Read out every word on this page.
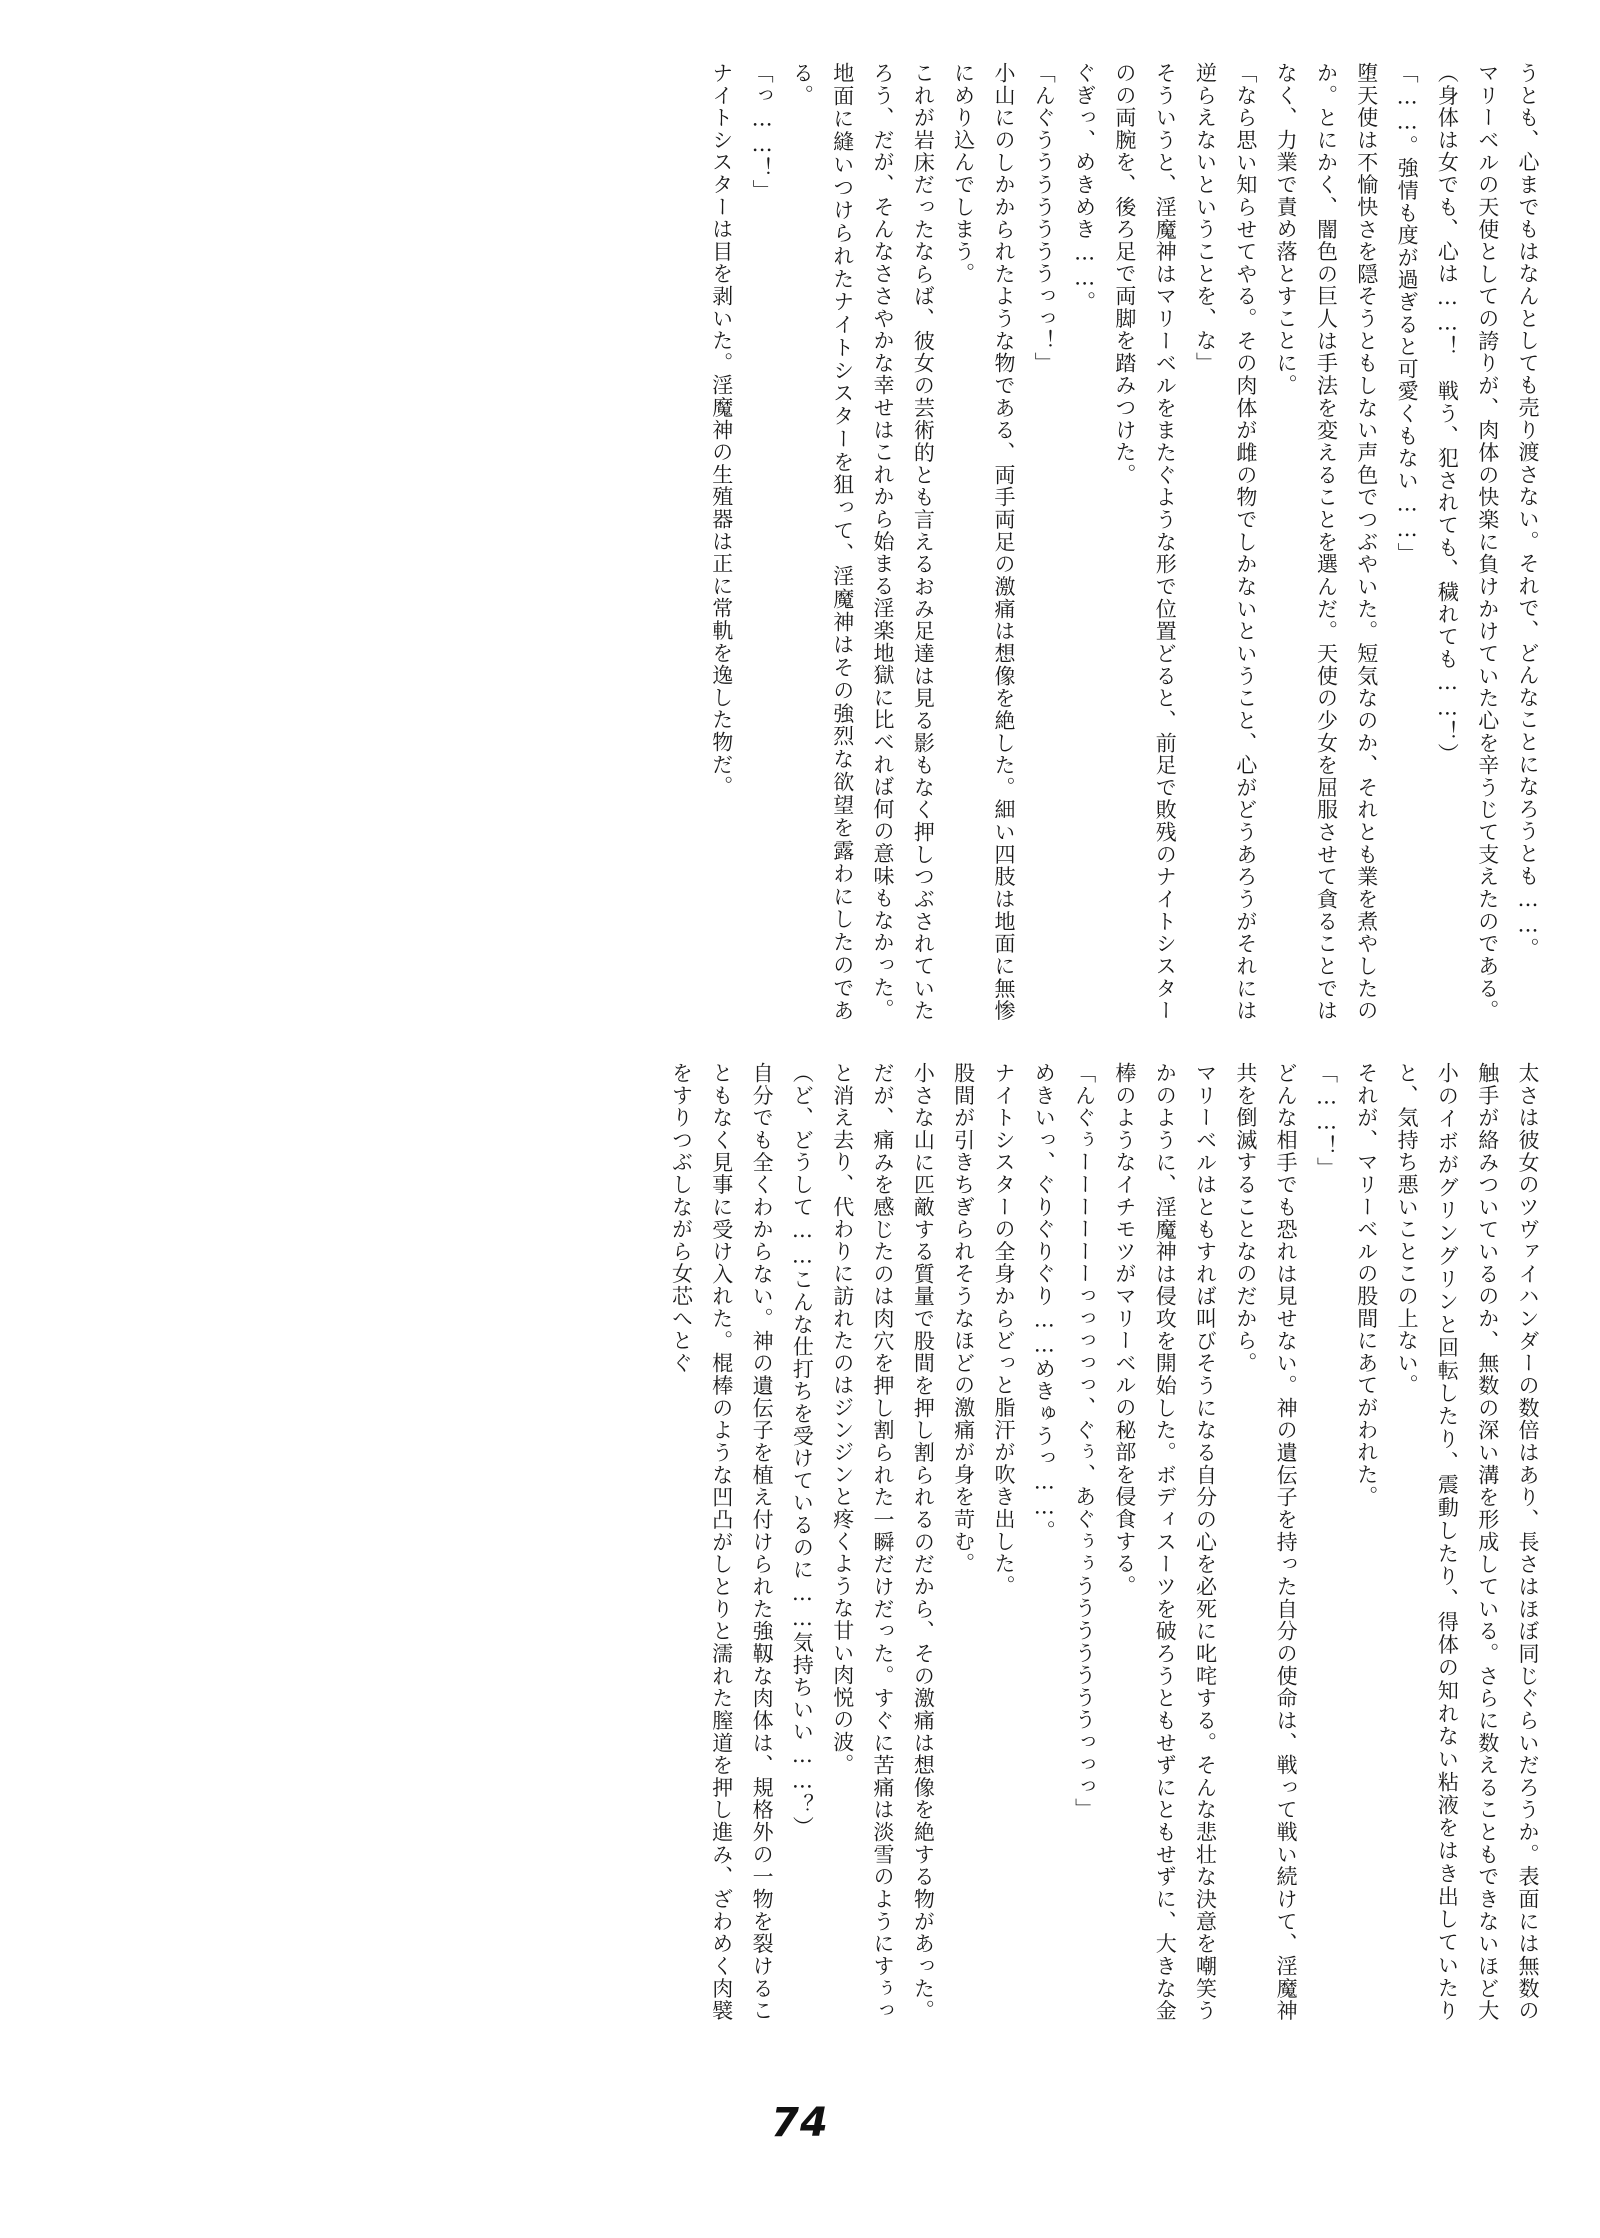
うとも、心までもはなんとしても売り渡さない。それで、どんなことになろうとも……。

マリーベルの天使としての誇りが、肉体の快楽に負けかけていた心を辛うじて支えたのである。（身体は女でも、心は……！　戦う、犯されても、穢れても……！）

「……。強情も度が過ぎると可愛くもない……」

堕天使は不愉快さを隠そうともしない声色でつぶやいた。短気なのか、それとも業を煮やしたのか。とにかく、闇色の巨人は手法を変えることを選んだ。天使の少女を屈服させて貪ることではなく、力業で責め落とすことに。

「なら思い知らせてやる。その肉体が雌の物でしかないということ、心がどうあろうがそれには逆らえないということを、な」

そういうと、淫魔神はマリーベルをまたぐような形で位置どると、前足で敗残のナイトシスターのの両腕を、後ろ足で両脚を踏みつけた。

ぐぎっ、めきめき……。

「んぐうううううううっっ！」

小山にのしかかられたような物である、両手両足の激痛は想像を絶した。細い四肢は地面に無惨にめり込んでしまう。

これが岩床だったならば、彼女の芸術的とも言えるおみ足達は見る影もなく押しつぶされていたろう、だが、そんなささやかな幸せはこれから始まる淫楽地獄に比べれば何の意味もなかった。

地面に縫いつけられたナイトシスターを狙って、淫魔神はその強烈な欲望を露わにしたのである。

「っ……！」

ナイトシスターは目を剥いた。淫魔神の生殖器は正に常軌を逸した物だ。

太さは彼女のツヴァイハンダーの数倍はあり、長さはほぼ同じぐらいだろうか。表面には無数の触手が絡みついているのか、無数の深い溝を形成している。さらに数えることもできないほど大小のイボがグリングリンと回転したり、震動したり、得体の知れない粘液をはき出していたりと、気持ち悪いことこの上ない。

それが、マリーベルの股間にあてがわれた。

「……！」

どんな相手でも恐れは見せない。神の遺伝子を持った自分の使命は、戦って戦い続けて、淫魔神共を倒滅することなのだから。

マリーベルはともすれば叫びそうになる自分の心を必死に叱咤する。そんな悲壮な決意を嘲笑うかのように、淫魔神は侵攻を開始した。ボディスーツを破ろうともせずにともせずに、大きな金棒のようなイチモツがマリーベルの秘部を侵食する。

「んぐぅーーーーーーっっっっっ、ぐぅ、あぐぅぅうううううううっっっ」

めきいっ、ぐりぐりぐり……めきゅうっ……。

ナイトシスターの全身からどっと脂汗が吹き出した。

股間が引きちぎられそうなほどの激痛が身を苛む。

小さな山に匹敵する質量で股間を押し割られるのだから、その激痛は想像を絶する物があった。だが、痛みを感じたのは肉穴を押し割られた一瞬だけだった。すぐに苦痛は淡雪のようにすぅっと消え去り、代わりに訪れたのはジンジンと疼くような甘い肉悦の波。

（ど、どうして……こんな仕打ちを受けているのに……気持ちいい……？）

自分でも全くわからない。神の遺伝子を植え付けられた強靱な肉体は、規格外の一物を裂けることもなく見事に受け入れた。棍棒のような凹凸がしとりと濡れた膣道を押し進み、ざわめく肉襞をすりつぶしながら女芯へとぐ

74
